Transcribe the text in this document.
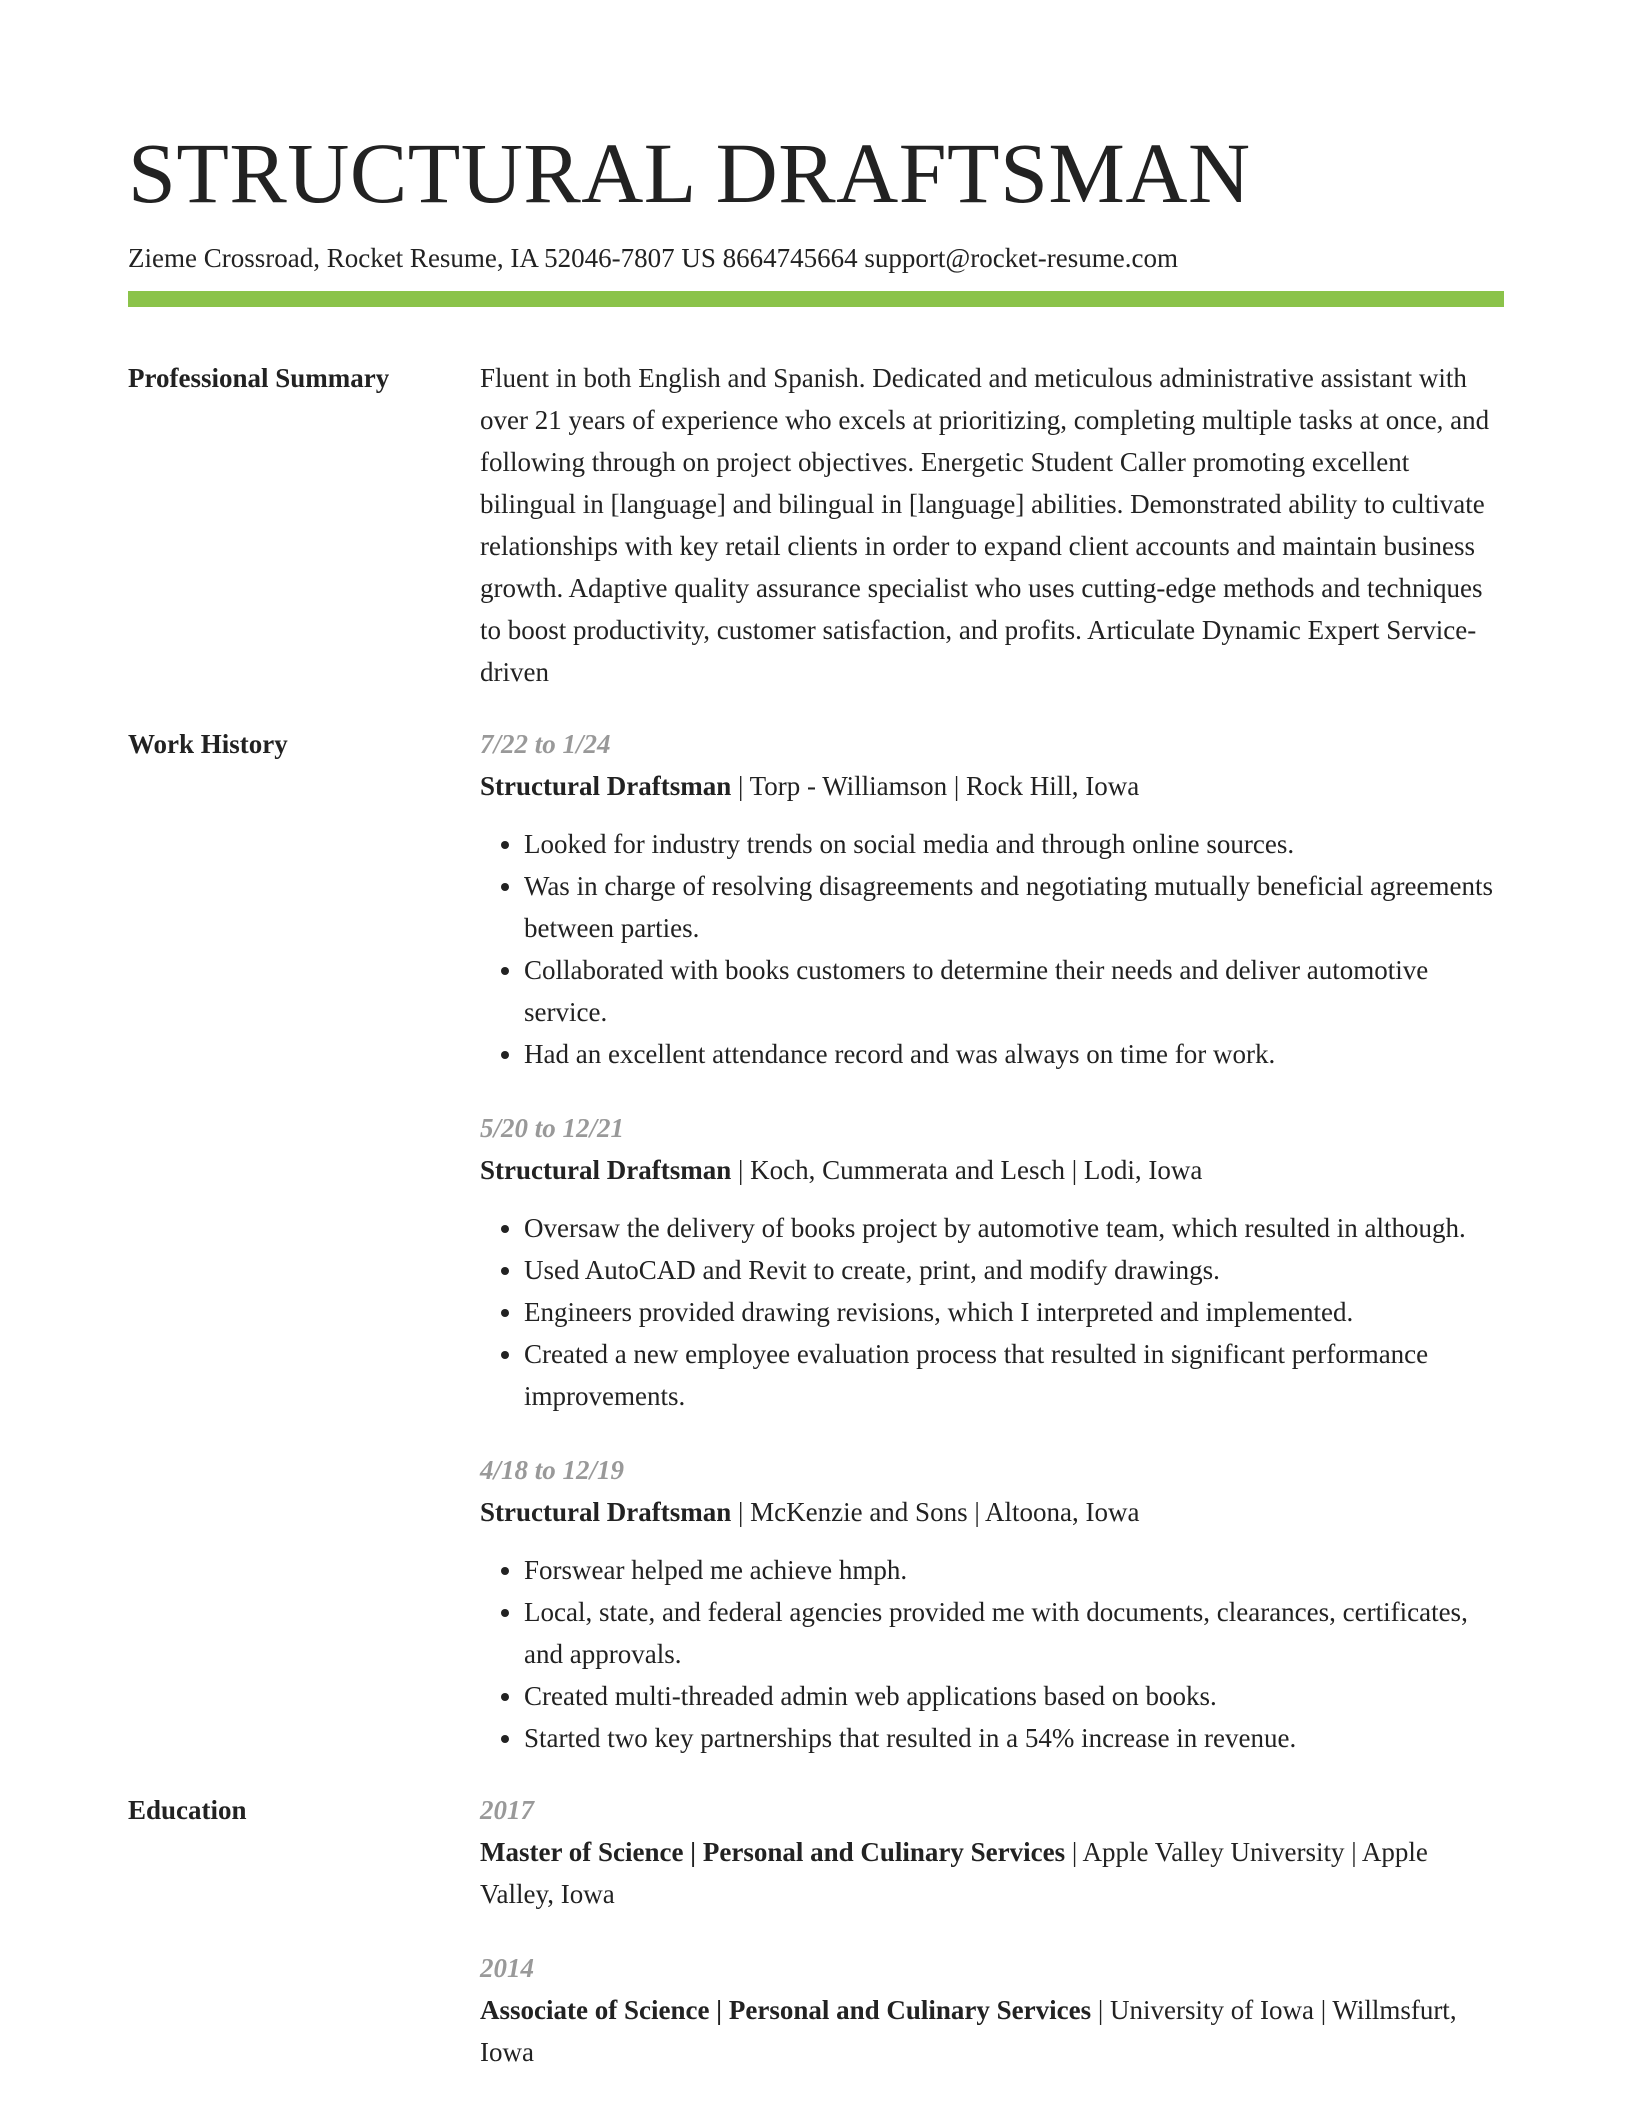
STRUCTURAL DRAFTSMAN
Zieme Crossroad, Rocket Resume, IA 52046-7807 US 8664745664 support@rocket-resume.com
Professional Summary	Fluent in both English and Spanish. Dedicated and meticulous administrative assistant with over 21 years of experience who excels at prioritizing, completing multiple tasks at once, and following through on project objectives. Energetic Student Caller promoting excellent bilingual in [language] and bilingual in [language] abilities. Demonstrated ability to cultivate relationships with key retail clients in order to expand client accounts and maintain business growth. Adaptive quality assurance specialist who uses cutting-edge methods and techniques to boost productivity, customer satisfaction, and profits. Articulate Dynamic Expert Service-driven
Work History	7/22 to 1/24
Structural Draftsman | Torp - Williamson | Rock Hill, Iowa
• Looked for industry trends on social media and through online sources.
• Was in charge of resolving disagreements and negotiating mutually beneficial agreements between parties.
• Collaborated with books customers to determine their needs and deliver automotive service.
• Had an excellent attendance record and was always on time for work.
5/20 to 12/21
Structural Draftsman | Koch, Cummerata and Lesch | Lodi, Iowa
• Oversaw the delivery of books project by automotive team, which resulted in although.
• Used AutoCAD and Revit to create, print, and modify drawings.
• Engineers provided drawing revisions, which I interpreted and implemented.
• Created a new employee evaluation process that resulted in significant performance improvements.
4/18 to 12/19
Structural Draftsman | McKenzie and Sons | Altoona, Iowa
• Forswear helped me achieve hmph.
• Local, state, and federal agencies provided me with documents, clearances, certificates, and approvals.
• Created multi-threaded admin web applications based on books.
• Started two key partnerships that resulted in a 54% increase in revenue.
Education	2017
Master of Science | Personal and Culinary Services | Apple Valley University | Apple Valley, Iowa
2014
Associate of Science | Personal and Culinary Services | University of Iowa | Willmsfurt, Iowa
